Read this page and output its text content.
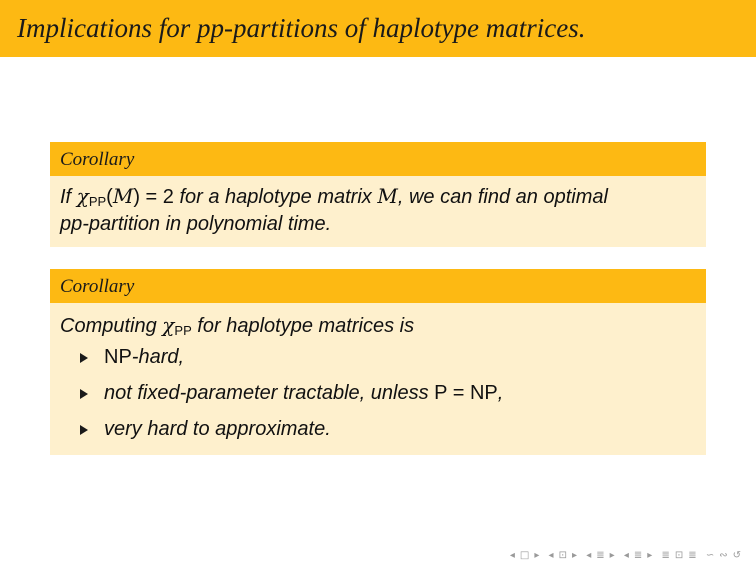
Implications for pp-partitions of haplotype matrices.
Corollary
If χPP(M) = 2 for a haplotype matrix M, we can find an optimal
pp-partition in polynomial time.
Corollary
Computing χPP for haplotype matrices is
NP-hard,
not fixed-parameter tractable, unless P = NP,
very hard to approximate.
◂ □ ▸ ◂ ⊡ ▸ ◂ ≣ ▸ ◂ ≣ ▸ ≣ ⊡ ≣ ∽ ∾ ↺
